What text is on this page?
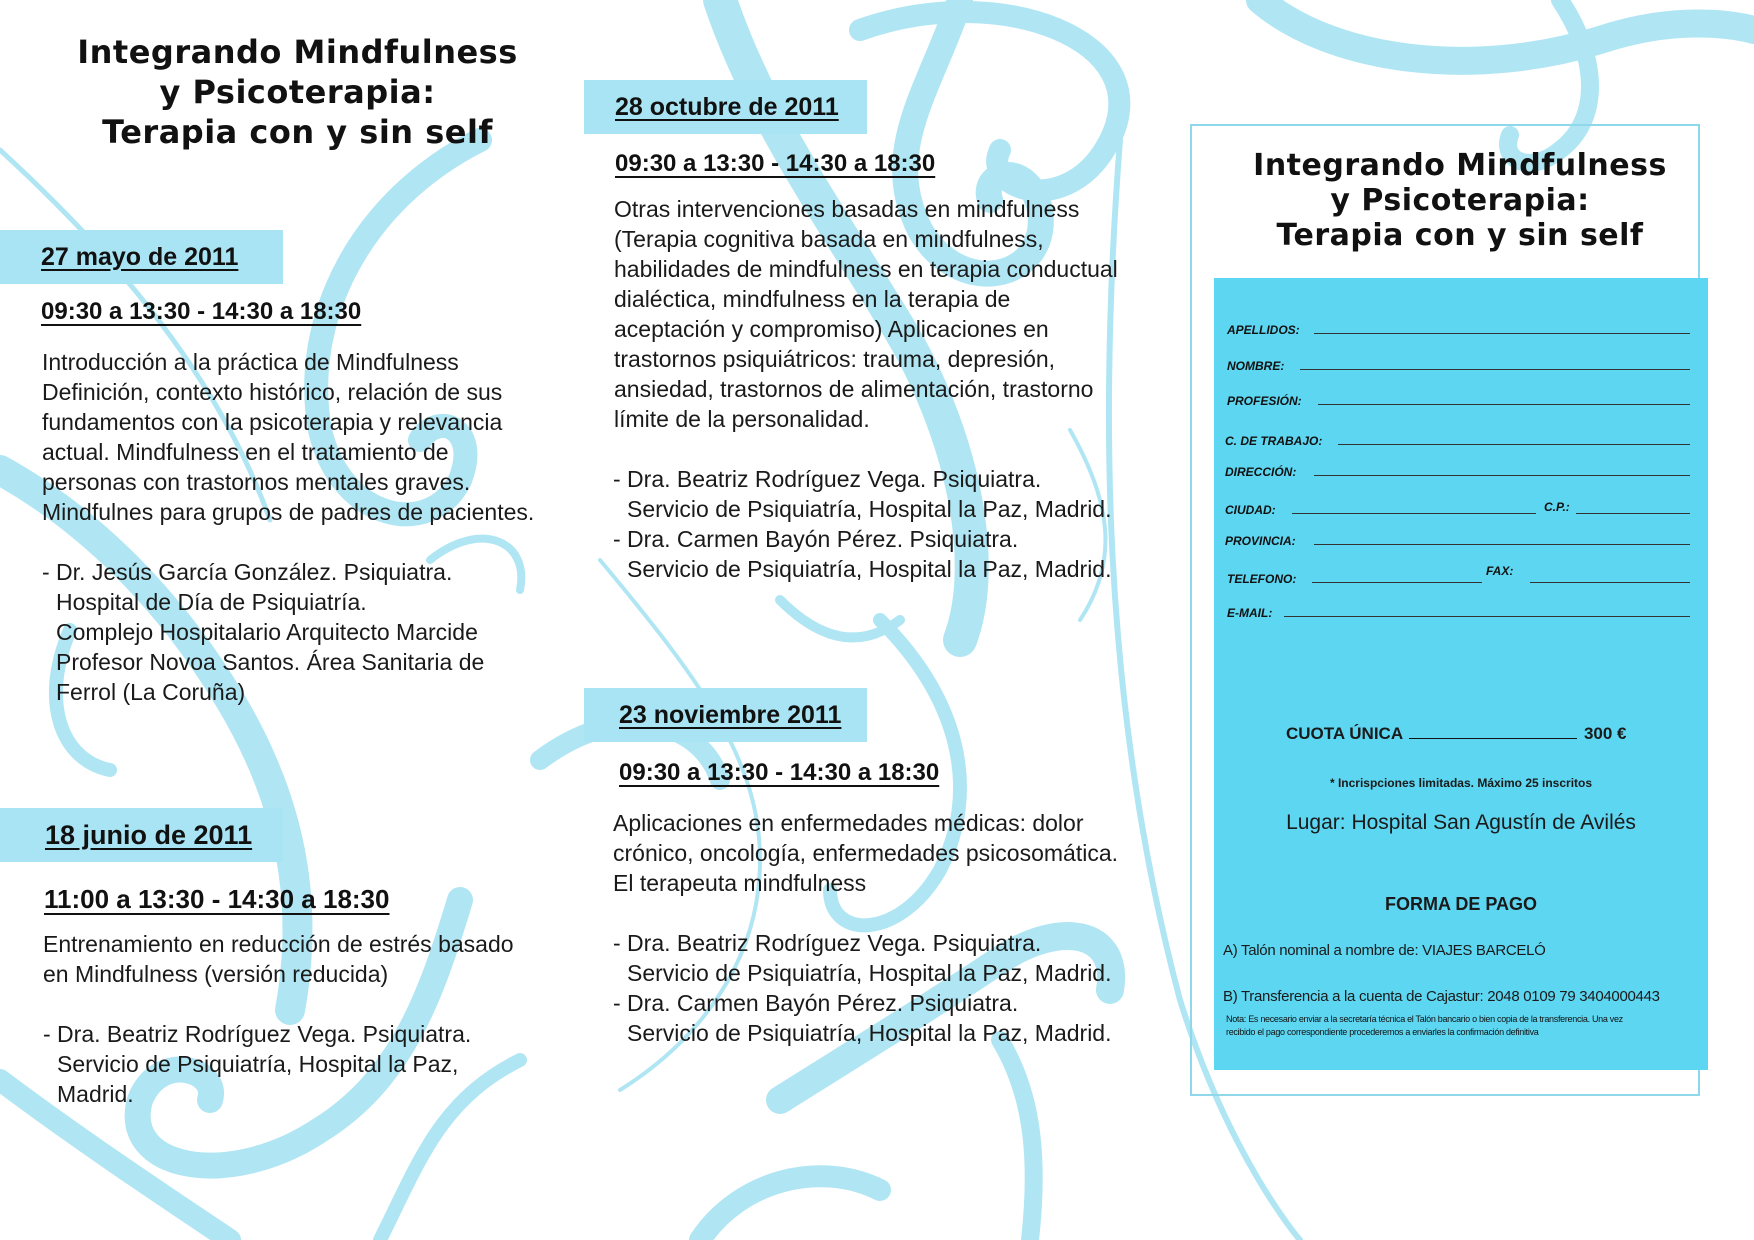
Integrando Mindfulness
y Psicoterapia:
Terapia con y sin self
27 mayo de 2011
09:30 a 13:30 - 14:30 a 18:30
Introducción a la práctica de Mindfulness
Definición, contexto histórico, relación de sus
fundamentos con la psicoterapia y relevancia
actual. Mindfulness en el tratamiento de
personas con trastornos mentales graves.
Mindfulnes para grupos de padres de pacientes.
- Dr. Jesús García González. Psiquiatra.
Hospital de Día de Psiquiatría.
Complejo Hospitalario Arquitecto Marcide
Profesor Novoa Santos. Área Sanitaria de
Ferrol (La Coruña)
18 junio de 2011
11:00 a 13:30 - 14:30 a 18:30
Entrenamiento en reducción de estrés basado
en Mindfulness (versión reducida)
- Dra. Beatriz Rodríguez Vega. Psiquiatra.
Servicio de Psiquiatría, Hospital la Paz,
Madrid.
28 octubre de 2011
09:30 a 13:30 - 14:30 a 18:30
Otras intervenciones basadas en mindfulness
(Terapia cognitiva basada en mindfulness,
habilidades de mindfulness en terapia conductual
dialéctica, mindfulness en la terapia de
aceptación y compromiso) Aplicaciones en
trastornos psiquiátricos: trauma, depresión,
ansiedad, trastornos de alimentación, trastorno
límite de la personalidad.
- Dra. Beatriz Rodríguez Vega. Psiquiatra.
Servicio de Psiquiatría, Hospital la Paz, Madrid.
- Dra. Carmen Bayón Pérez. Psiquiatra.
Servicio de Psiquiatría, Hospital la Paz, Madrid.
23 noviembre 2011
09:30 a 13:30 - 14:30 a 18:30
Aplicaciones en enfermedades médicas: dolor
crónico, oncología, enfermedades psicosomática.
El terapeuta mindfulness
- Dra. Beatriz Rodríguez Vega. Psiquiatra.
Servicio de Psiquiatría, Hospital la Paz, Madrid.
- Dra. Carmen Bayón Pérez. Psiquiatra.
Servicio de Psiquiatría, Hospital la Paz, Madrid.
Integrando Mindfulness
y Psicoterapia:
Terapia con y sin self
APELLIDOS:
NOMBRE:
PROFESIÓN:
C. DE TRABAJO:
DIRECCIÓN:
CIUDAD:	C.P.:
PROVINCIA:
TELEFONO:
FAX:
E-MAIL:
CUOTA ÚNICA	300 €
* Incrispciones limitadas. Máximo 25 inscritos
Lugar: Hospital San Agustín de Avilés
FORMA DE PAGO
A) Talón nominal a nombre de: VIAJES BARCELÓ
B) Transferencia a la cuenta de Cajastur: 2048 0109 79 3404000443
Nota: Es necesario enviar a la secretaría técnica el Talón bancario o bien copia de la transferencia. Una vez
recibido el pago correspondiente procederemos a enviarles la confirmación definitiva
